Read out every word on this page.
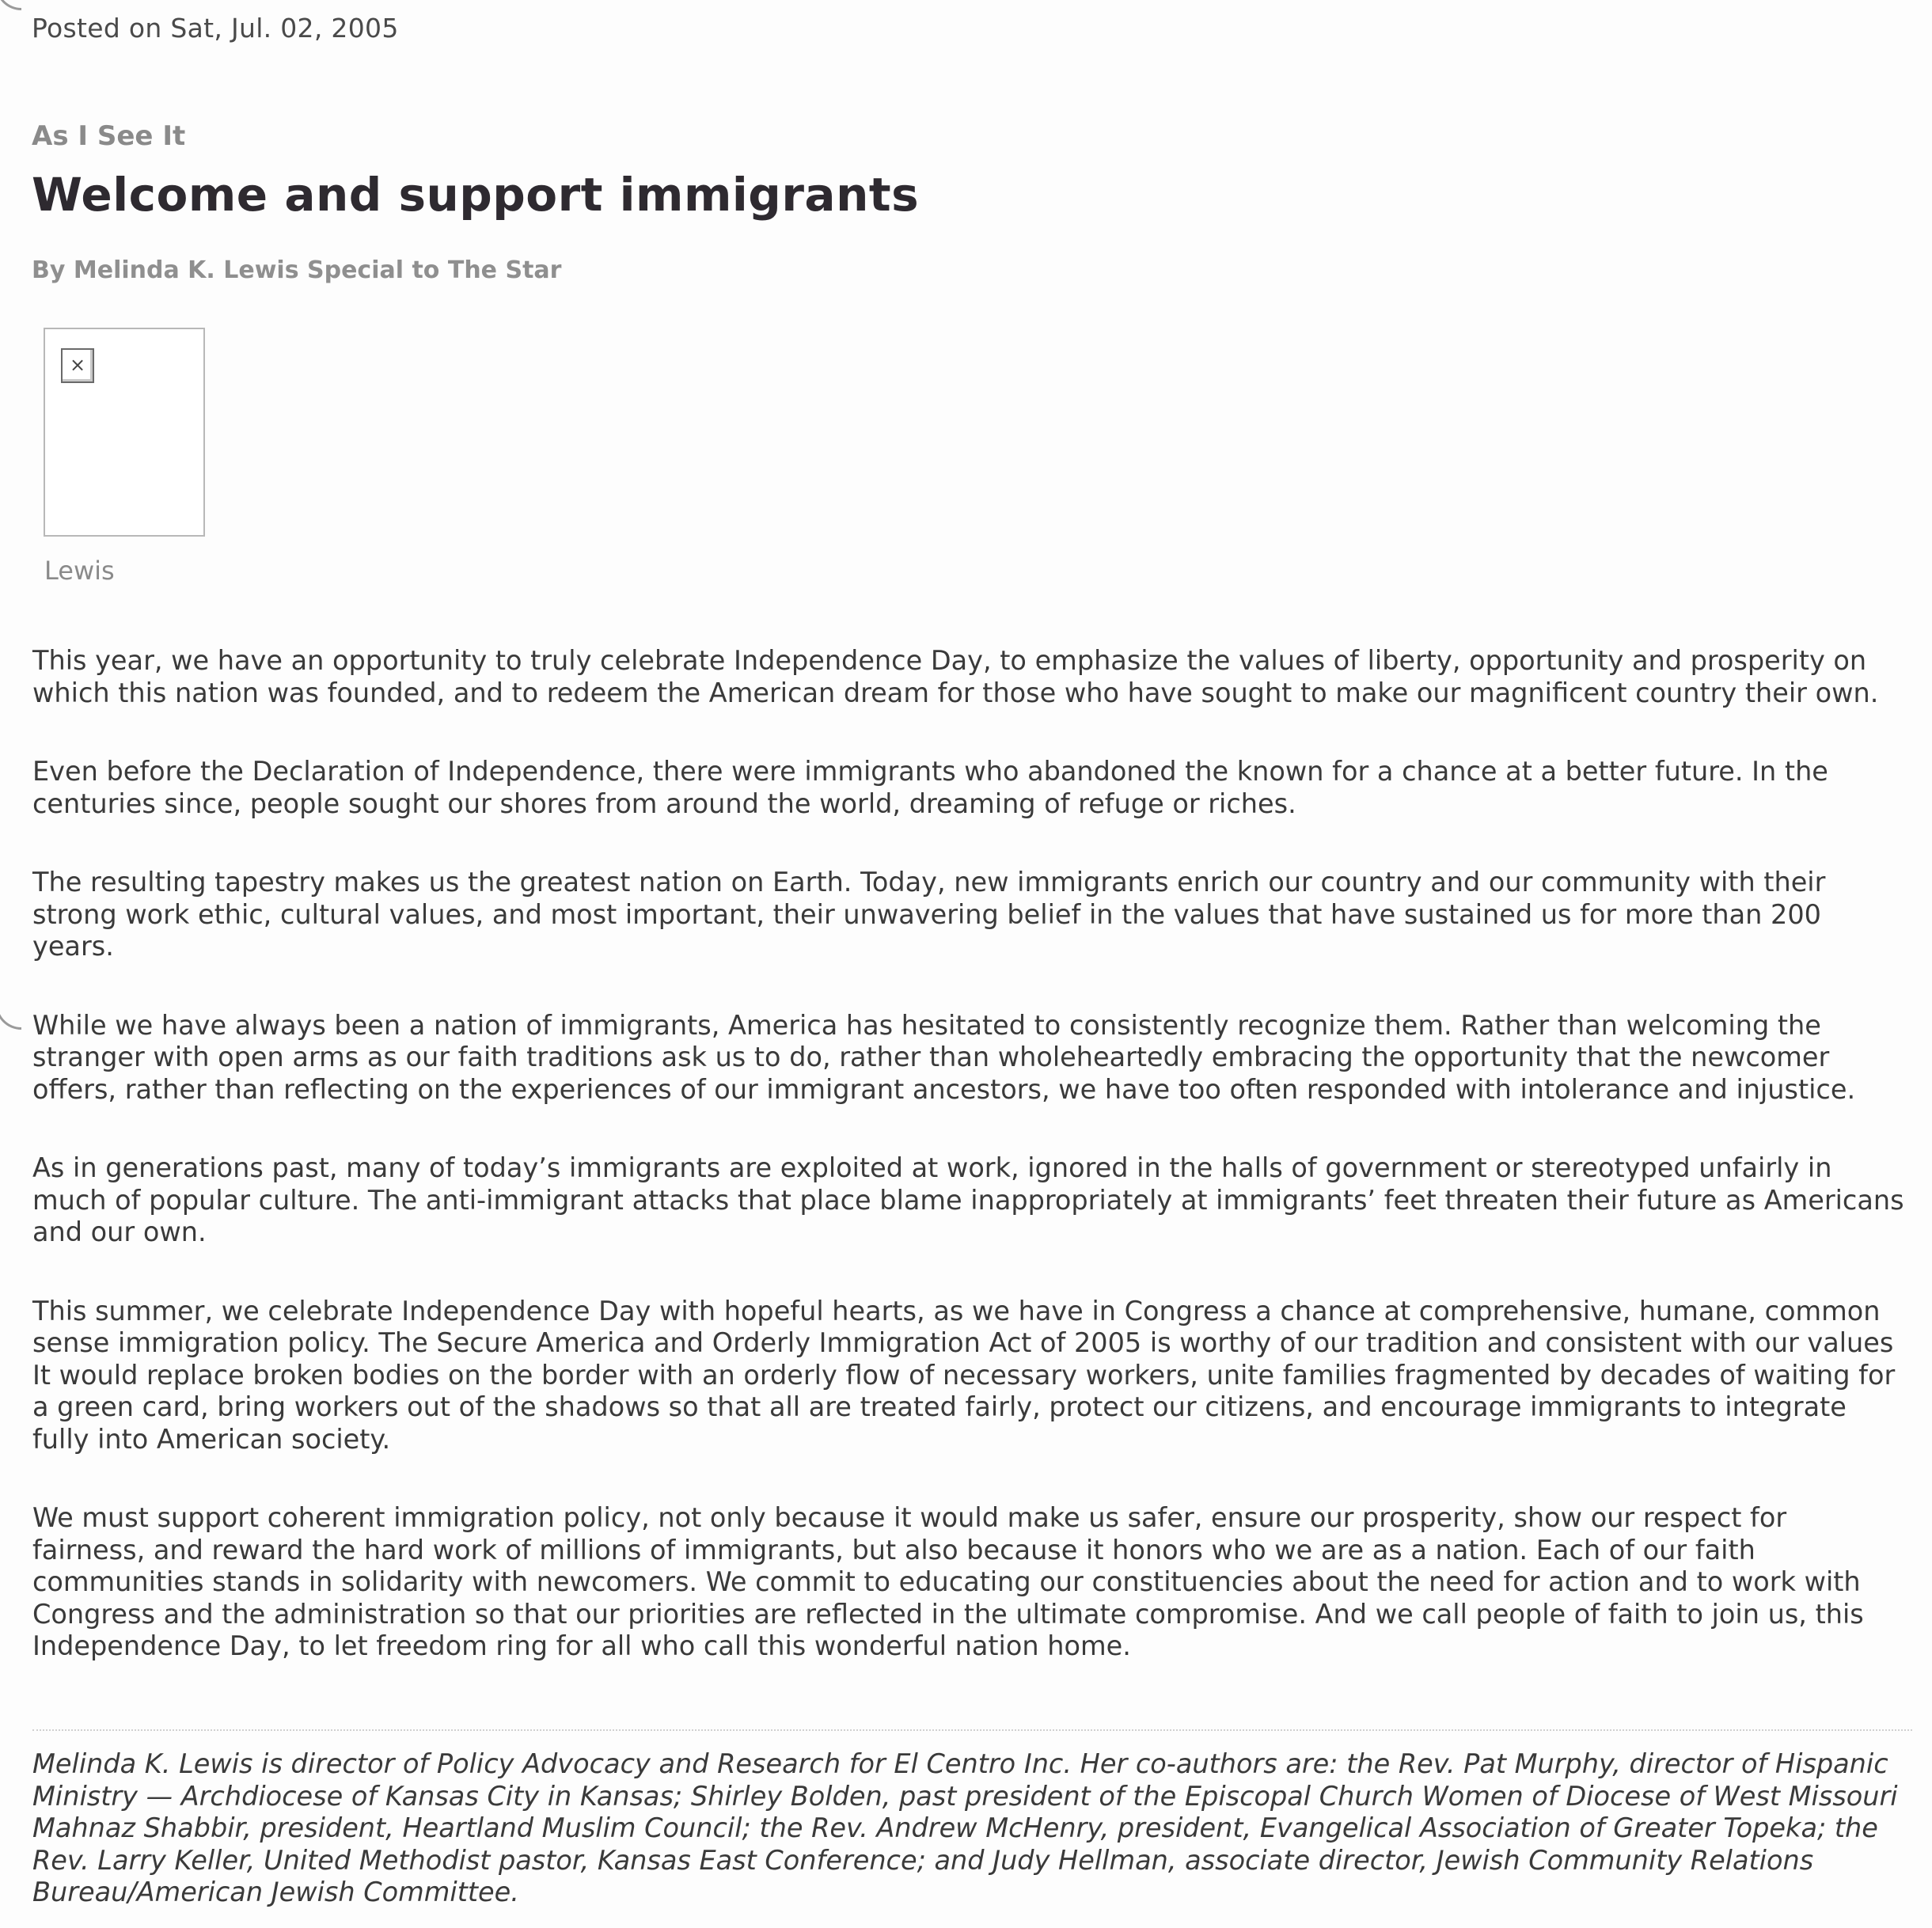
Posted on Sat, Jul. 02, 2005
As I See It
Welcome and support immigrants
By Melinda K. Lewis Special to The Star
×
Lewis

This year, we have an opportunity to truly celebrate Independence Day, to emphasize the values of liberty, opportunity and prosperity on
which this nation was founded, and to redeem the American dream for those who have sought to make our magnificent country their own.

Even before the Declaration of Independence, there were immigrants who abandoned the known for a chance at a better future. In the
centuries since, people sought our shores from around the world, dreaming of refuge or riches.

The resulting tapestry makes us the greatest nation on Earth. Today, new immigrants enrich our country and our community with their
strong work ethic, cultural values, and most important, their unwavering belief in the values that have sustained us for more than 200
years.

While we have always been a nation of immigrants, America has hesitated to consistently recognize them. Rather than welcoming the
stranger with open arms as our faith traditions ask us to do, rather than wholeheartedly embracing the opportunity that the newcomer
offers, rather than reflecting on the experiences of our immigrant ancestors, we have too often responded with intolerance and injustice.

As in generations past, many of today’s immigrants are exploited at work, ignored in the halls of government or stereotyped unfairly in
much of popular culture. The anti-immigrant attacks that place blame inappropriately at immigrants’ feet threaten their future as Americans
and our own.

This summer, we celebrate Independence Day with hopeful hearts, as we have in Congress a chance at comprehensive, humane, common
sense immigration policy. The Secure America and Orderly Immigration Act of 2005 is worthy of our tradition and consistent with our values
It would replace broken bodies on the border with an orderly flow of necessary workers, unite families fragmented by decades of waiting for
a green card, bring workers out of the shadows so that all are treated fairly, protect our citizens, and encourage immigrants to integrate
fully into American society.

We must support coherent immigration policy, not only because it would make us safer, ensure our prosperity, show our respect for
fairness, and reward the hard work of millions of immigrants, but also because it honors who we are as a nation. Each of our faith
communities stands in solidarity with newcomers. We commit to educating our constituencies about the need for action and to work with
Congress and the administration so that our priorities are reflected in the ultimate compromise. And we call people of faith to join us, this
Independence Day, to let freedom ring for all who call this wonderful nation home.

Melinda K. Lewis is director of Policy Advocacy and Research for El Centro Inc. Her co-authors are: the Rev. Pat Murphy, director of Hispanic
Ministry — Archdiocese of Kansas City in Kansas; Shirley Bolden, past president of the Episcopal Church Women of Diocese of West Missouri
Mahnaz Shabbir, president, Heartland Muslim Council; the Rev. Andrew McHenry, president, Evangelical Association of Greater Topeka; the
Rev. Larry Keller, United Methodist pastor, Kansas East Conference; and Judy Hellman, associate director, Jewish Community Relations
Bureau/American Jewish Committee.
